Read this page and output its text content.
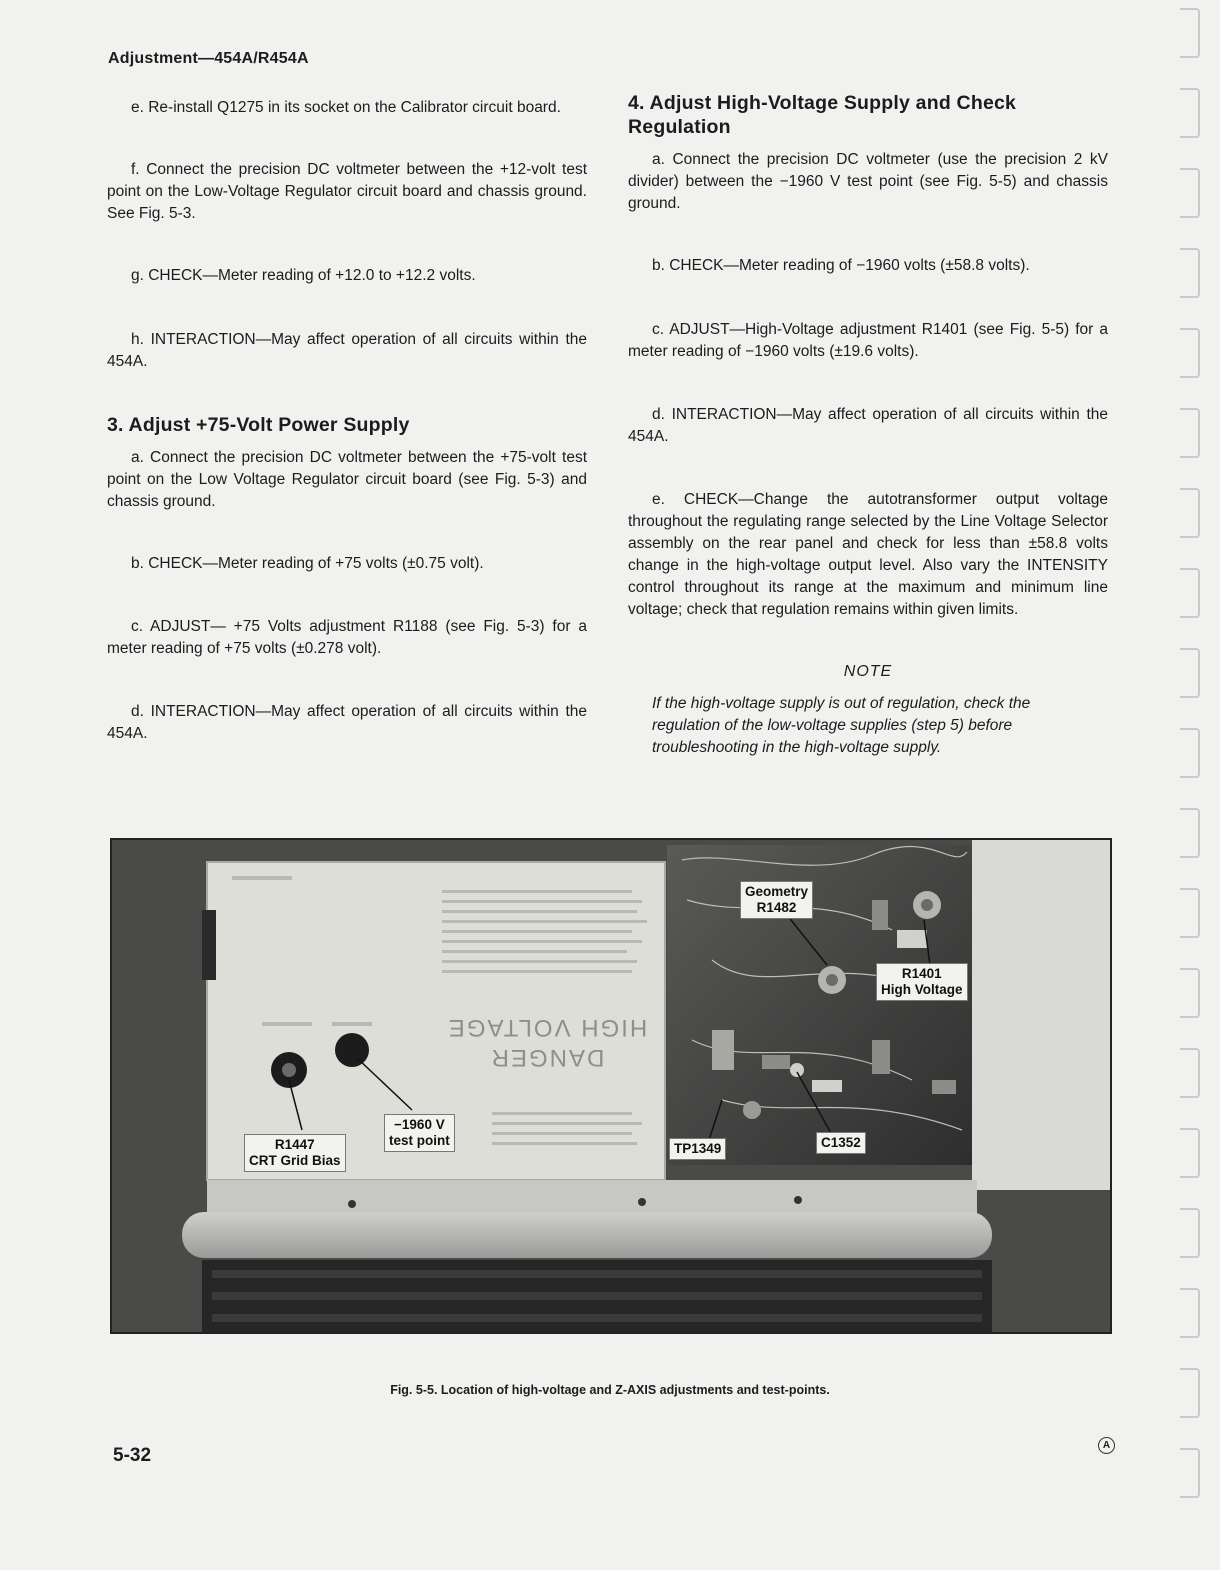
Adjustment—454A/R454A

e. Re-install Q1275 in its socket on the Calibrator circuit board.

f. Connect the precision DC voltmeter between the +12-volt test point on the Low-Voltage Regulator circuit board and chassis ground. See Fig. 5-3.

g. CHECK—Meter reading of +12.0 to +12.2 volts.

h. INTERACTION—May affect operation of all circuits within the 454A.

3. Adjust +75-Volt Power Supply

a. Connect the precision DC voltmeter between the +75-volt test point on the Low Voltage Regulator circuit board (see Fig. 5-3) and chassis ground.

b. CHECK—Meter reading of +75 volts (±0.75 volt).

c. ADJUST— +75 Volts adjustment R1188 (see Fig. 5-3) for a meter reading of +75 volts (±0.278 volt).

d. INTERACTION—May affect operation of all circuits within the 454A.

4. Adjust High-Voltage Supply and Check Regulation

a. Connect the precision DC voltmeter (use the precision 2 kV divider) between the −1960 V test point (see Fig. 5-5) and chassis ground.

b. CHECK—Meter reading of −1960 volts (±58.8 volts).

c. ADJUST—High-Voltage adjustment R1401 (see Fig. 5-5) for a meter reading of −1960 volts (±19.6 volts).

d. INTERACTION—May affect operation of all circuits within the 454A.

e. CHECK—Change the autotransformer output voltage throughout the regulating range selected by the Line Voltage Selector assembly on the rear panel and check for less than ±58.8 volts change in the high-voltage output level. Also vary the INTENSITY control throughout its range at the maximum and minimum line voltage; check that regulation remains within given limits.

NOTE

If the high-voltage supply is out of regulation, check the regulation of the low-voltage supplies (step 5) before troubleshooting in the high-voltage supply.

HIGH VOLTAGE
DANGER
Geometry
R1482
R1401
High Voltage
−1960 V
test point
R1447
CRT Grid Bias
TP1349	C1352
Fig. 5-5. Location of high-voltage and Z-AXIS adjustments and test-points.
5-32	A
